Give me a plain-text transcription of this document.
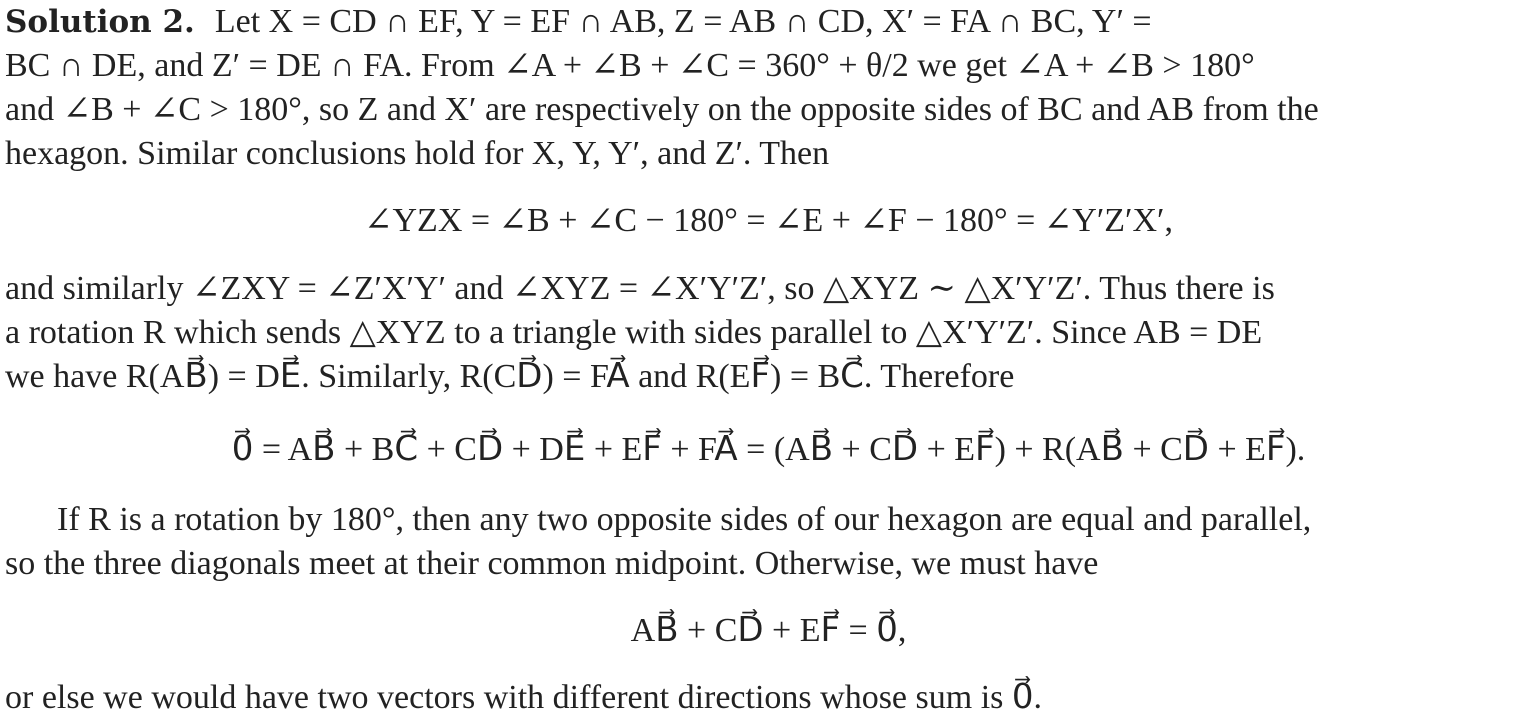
Solution 2. Let X = CD ∩ EF, Y = EF ∩ AB, Z = AB ∩ CD, X′ = FA ∩ BC, Y′ =
BC ∩ DE, and Z′ = DE ∩ FA. From ∠A + ∠B + ∠C = 360° + θ/2 we get ∠A + ∠B > 180°
and ∠B + ∠C > 180°, so Z and X′ are respectively on the opposite sides of BC and AB from the
hexagon. Similar conclusions hold for X, Y, Y′, and Z′. Then
∠YZX = ∠B + ∠C − 180° = ∠E + ∠F − 180° = ∠Y′Z′X′,
and similarly ∠ZXY = ∠Z′X′Y′ and ∠XYZ = ∠X′Y′Z′, so △XYZ ∼ △X′Y′Z′. Thus there is
a rotation R which sends △XYZ to a triangle with sides parallel to △X′Y′Z′. Since AB = DE
we have R(AB⃗) = DE⃗. Similarly, R(CD⃗) = FA⃗ and R(EF⃗) = BC⃗. Therefore
0⃗ = AB⃗ + BC⃗ + CD⃗ + DE⃗ + EF⃗ + FA⃗ = (AB⃗ + CD⃗ + EF⃗) + R(AB⃗ + CD⃗ + EF⃗).
If R is a rotation by 180°, then any two opposite sides of our hexagon are equal and parallel,
so the three diagonals meet at their common midpoint. Otherwise, we must have
AB⃗ + CD⃗ + EF⃗ = 0⃗,
or else we would have two vectors with different directions whose sum is 0⃗.
